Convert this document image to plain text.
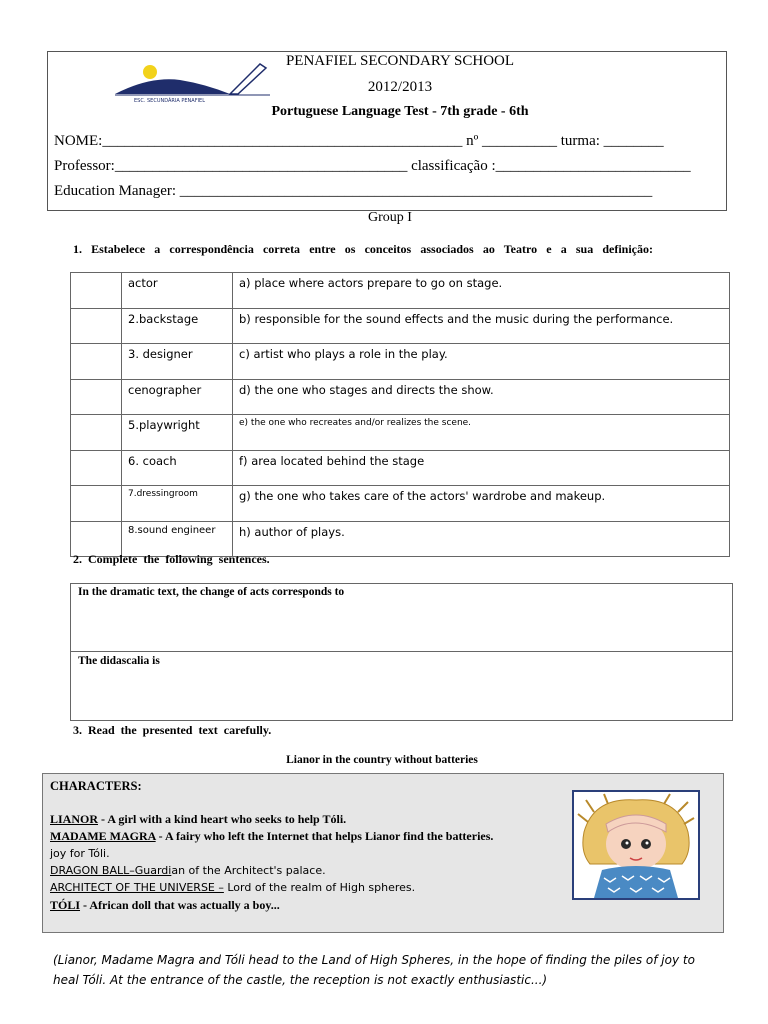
ESC. SECUNDÁRIA PENAFIEL
PENAFIEL SECONDARY SCHOOL
2012/2013
Portuguese Language Test - 7th grade - 6th
NOME:________________________________________________ nº __________ turma: ________
Professor:_______________________________________ classificação :__________________________
Education Manager: _______________________________________________________________
Group I
1. Estabelece a correspondência correta entre os conceitos associados ao Teatro e a sua definição:
	actor	a) place where actors prepare to go on stage.
	2.backstage	b) responsible for the sound effects and the music during the performance.
	3. designer	c) artist who plays a role in the play.
	cenographer	d) the one who stages and directs the show.
	5.playwright	e) the one who recreates and/or realizes the scene.
	6. coach	f) area located behind the stage
	7.dressingroom	g) the one who takes care of the actors' wardrobe and makeup.
	8.sound engineer	h) author of plays.
2. Complete the following sentences.
In the dramatic text, the change of acts corresponds to
The didascalia is
3. Read the presented text carefully.
Lianor in the country without batteries
CHARACTERS:
LIANOR - A girl with a kind heart who seeks to help Tóli.
MADAME MAGRA - A fairy who left the Internet that helps Lianor find the batteries.
joy for Tóli.
DRAGON BALL–Guardian of the Architect's palace.
ARCHITECT OF THE UNIVERSE – Lord of the realm of High spheres.
TÓLI - African doll that was actually a boy...
(Lianor, Madame Magra and Tóli head to the Land of High Spheres, in the hope of finding the piles of joy to heal Tóli. At the entrance of the castle, the reception is not exactly enthusiastic...)
